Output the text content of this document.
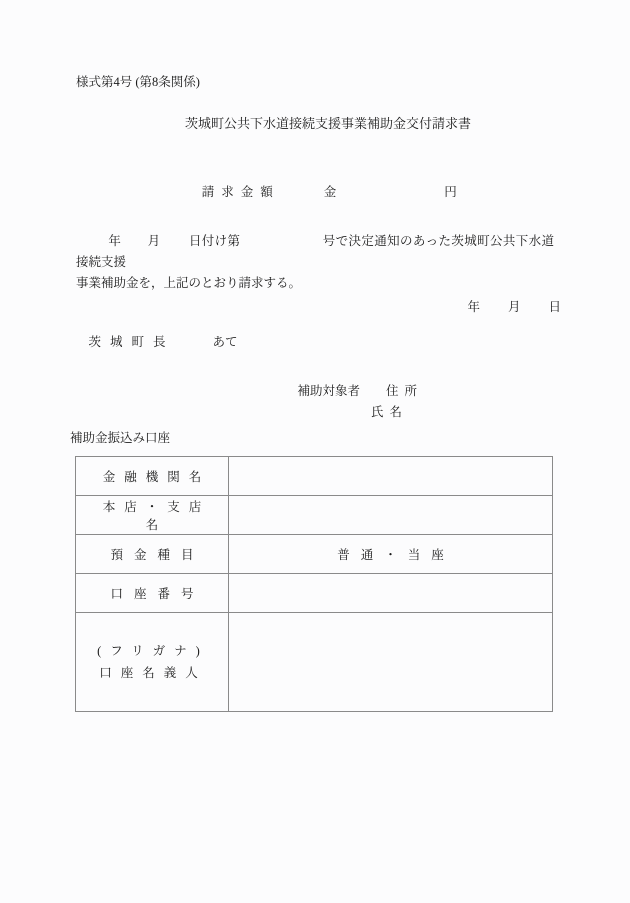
様式第4号 (第8条関係)
茨城町公共下水道接続支援事業補助金交付請求書

請求金額	金	円

年 月 日付け第	号で決定通知のあった茨城町公共下水道接続支援
事業補助金を，上記のとおり請求する。

年 月 日

茨城町長	あて

補助対象者 住所
氏名

補助金振込み口座
金融機関名	
本店・支店名	
預金種目	普通・当座
口座番号	

(フリガナ)
口座名義人	
